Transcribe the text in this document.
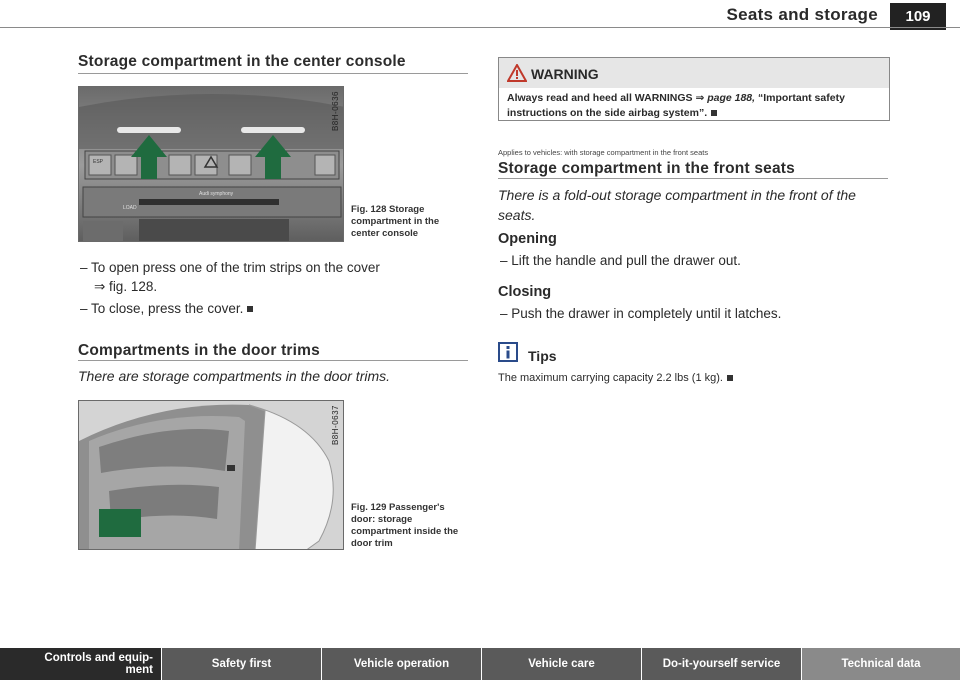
Seats and storage	109
Storage compartment in the center console
Audi symphony
LOAD
ESP
B8H-0636
Fig. 128 Storage compartment in the center console
– To open press one of the trim strips on the cover
⇒ fig. 128.
– To close, press the cover.
Compartments in the door trims
There are storage compartments in the door trims.
B8H-0637
Fig. 129 Passenger's door: storage compartment inside the door trim
WARNING
Always read and heed all WARNINGS ⇒ page 188, “Important safety instructions on the side airbag system”.
Applies to vehicles: with storage compartment in the front seats
Storage compartment in the front seats
There is a fold-out storage compartment in the front of the seats.
Opening
– Lift the handle and pull the drawer out.
Closing
– Push the drawer in completely until it latches.
Tips
The maximum carrying capacity 2.2 lbs (1 kg).
Controls and equip-
ment	Safety first	Vehicle operation	Vehicle care	Do-it-yourself service	Technical data
